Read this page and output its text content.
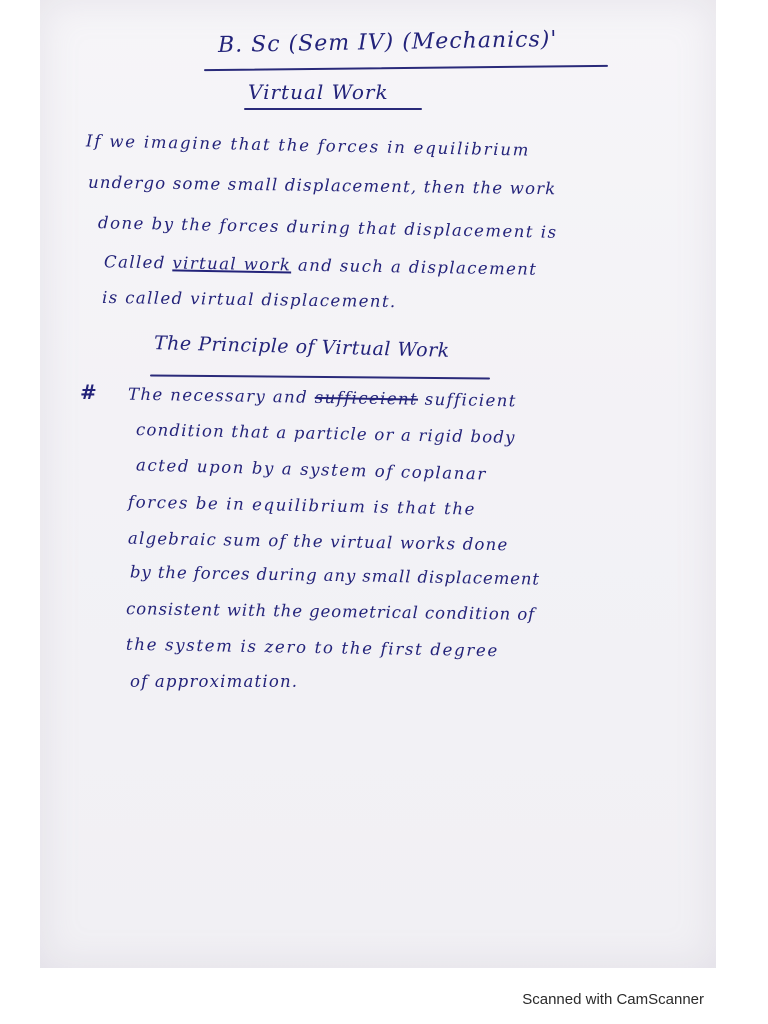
B. Sc (Sem IV) (Mechanics)'
Virtual Work
If we imagine that the forces in equilibrium
undergo some small displacement, then the work
done by the forces during that displacement is
Called virtual work and such a displacement
is called virtual displacement.
The Principle of Virtual Work
# The necessary and sufficeient sufficient
condition that a particle or a rigid body
acted upon by a system of coplanar
forces be in equilibrium is that the
algebraic sum of the virtual works done
by the forces during any small displacement
consistent with the geometrical condition of
the system is zero to the first degree
of approximation.
Scanned with CamScanner
